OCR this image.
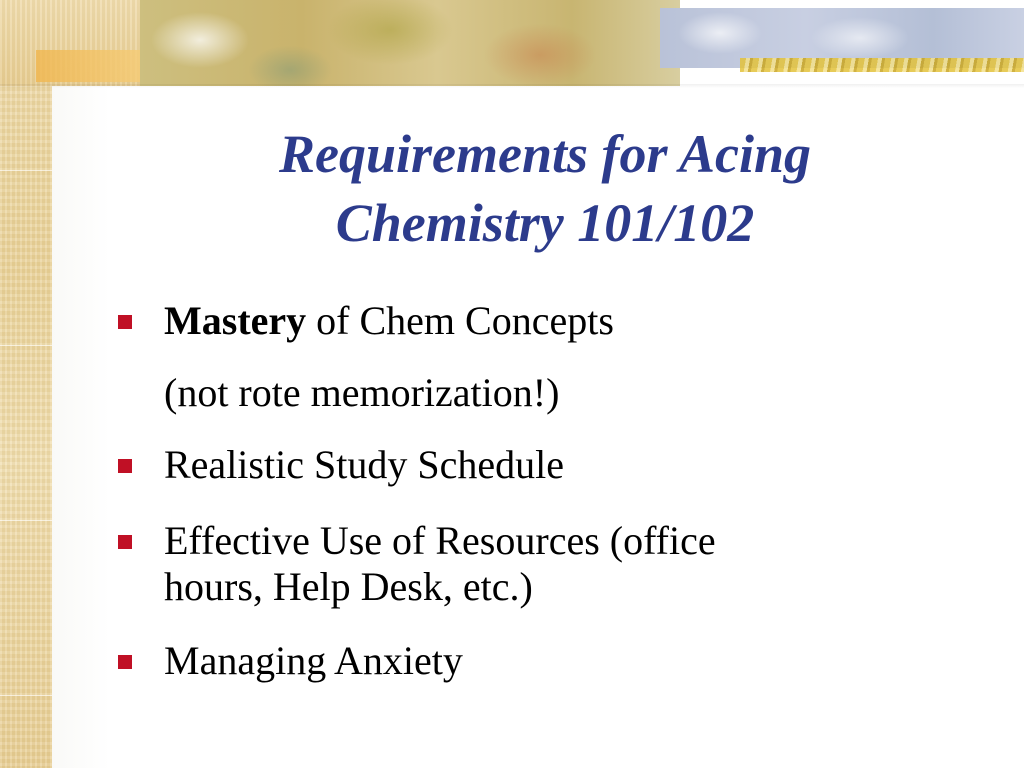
Requirements for Acing
Chemistry 101/102
Mastery of Chem Concepts
(not rote memorization!)
Realistic Study Schedule
Effective Use of Resources (office
hours, Help Desk, etc.)
Managing Anxiety
